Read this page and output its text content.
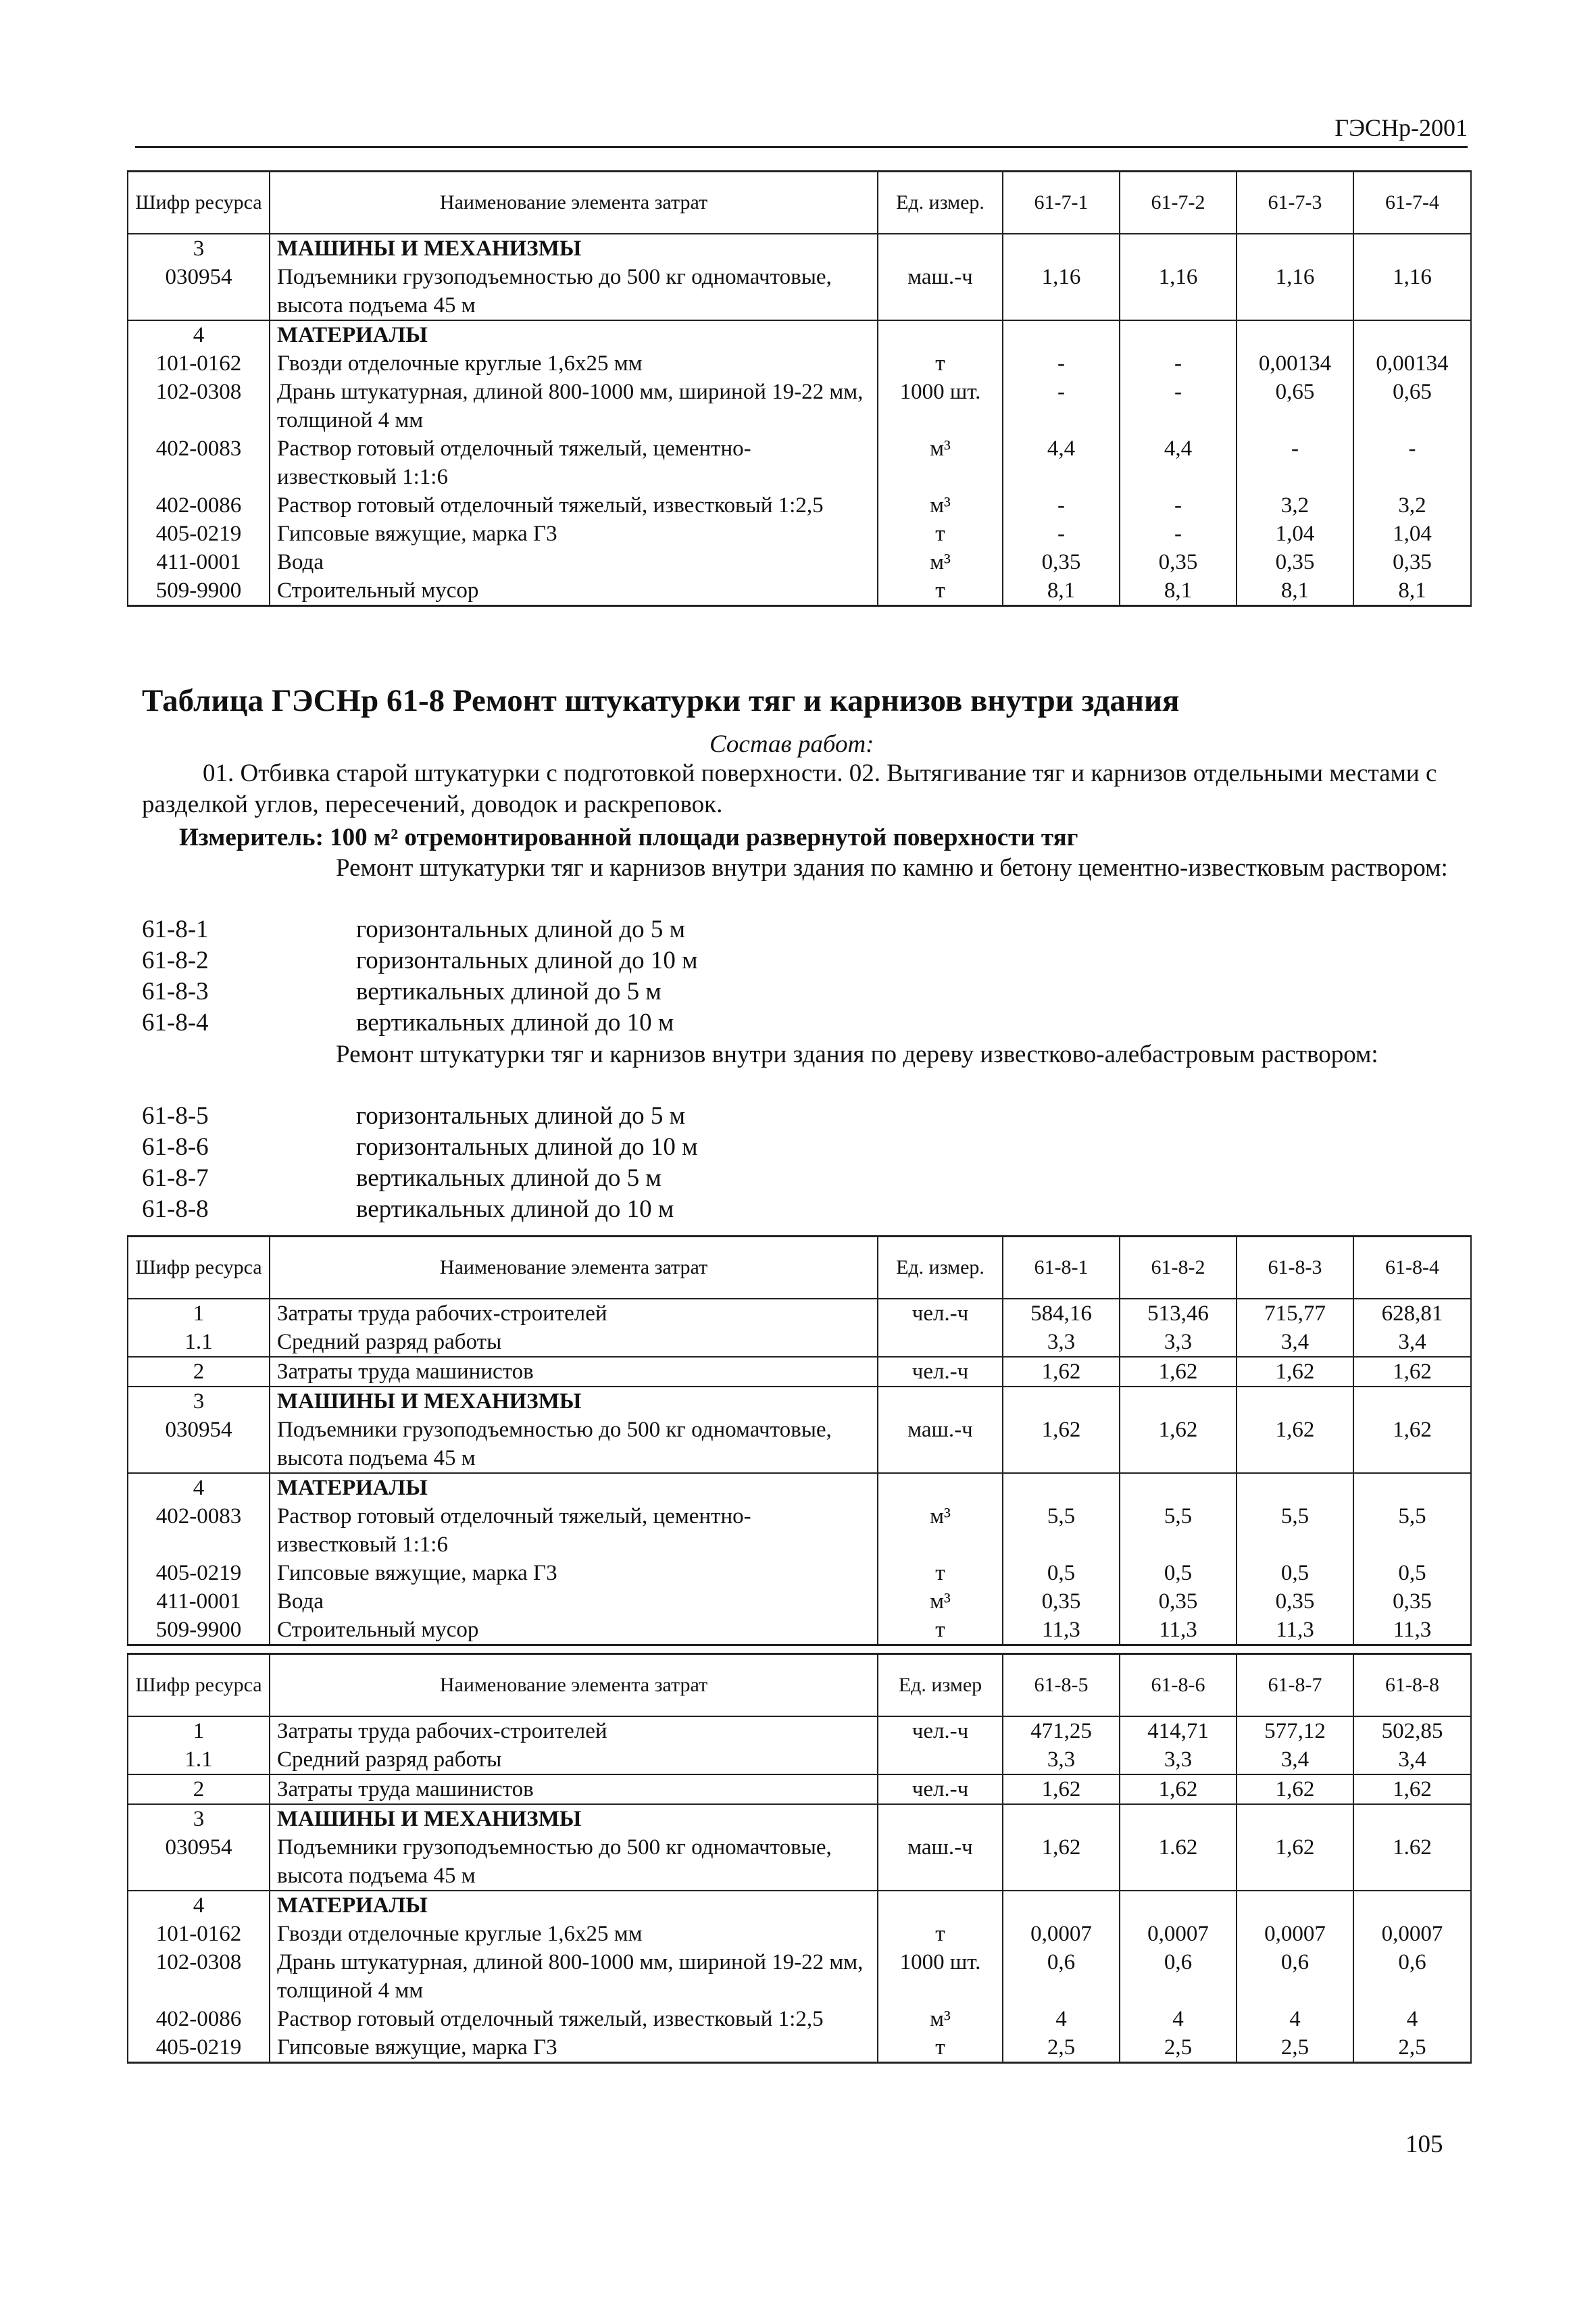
ГЭСНр-2001
Шифр ресурса	Наименование элемента затрат	Ед. измер.	61-7-1	61-7-2	61-7-3	61-7-4
3	МАШИНЫ И МЕХАНИЗМЫ					
030954	Подъемники грузоподъемностью до 500 кг одномачтовые, высота подъема 45 м	маш.-ч	1,16	1,16	1,16	1,16
4	МАТЕРИАЛЫ					
101-0162	Гвозди отделочные круглые 1,6х25 мм	т	-	-	0,00134	0,00134
102-0308	Дрань штукатурная, длиной 800-1000 мм, шириной 19-22 мм, толщиной 4 мм	1000 шт.	-	-	0,65	0,65
402-0083	Раствор готовый отделочный тяжелый, цементно-известковый 1:1:6	м³	4,4	4,4	-	-
402-0086	Раствор готовый отделочный тяжелый, известковый 1:2,5	м³	-	-	3,2	3,2
405-0219	Гипсовые вяжущие, марка Г3	т	-	-	1,04	1,04
411-0001	Вода	м³	0,35	0,35	0,35	0,35
509-9900	Строительный мусор	т	8,1	8,1	8,1	8,1
Таблица ГЭСНр 61-8 Ремонт штукатурки тяг и карнизов внутри здания
Состав работ:
01. Отбивка старой штукатурки с подготовкой поверхности. 02. Вытягивание тяг и карнизов отдельными местами с разделкой углов, пересечений, доводок и раскреповок.
Измеритель: 100 м² отремонтированной площади развернутой поверхности тяг
Ремонт штукатурки тяг и карнизов внутри здания по камню и бетону цементно-известковым раствором:
61-8-1	горизонтальных длиной до 5 м
61-8-2	горизонтальных длиной до 10 м
61-8-3	вертикальных длиной до 5 м
61-8-4	вертикальных длиной до 10 м
Ремонт штукатурки тяг и карнизов внутри здания по дереву известково-алебастровым раствором:
61-8-5	горизонтальных длиной до 5 м
61-8-6	горизонтальных длиной до 10 м
61-8-7	вертикальных длиной до 5 м
61-8-8	вертикальных длиной до 10 м
Шифр ресурса	Наименование элемента затрат	Ед. измер.	61-8-1	61-8-2	61-8-3	61-8-4
1	Затраты труда рабочих-строителей	чел.-ч	584,16	513,46	715,77	628,81
1.1	Средний разряд работы		3,3	3,3	3,4	3,4
2	Затраты труда машинистов	чел.-ч	1,62	1,62	1,62	1,62
3	МАШИНЫ И МЕХАНИЗМЫ					
030954	Подъемники грузоподъемностью до 500 кг одномачтовые, высота подъема 45 м	маш.-ч	1,62	1,62	1,62	1,62
4	МАТЕРИАЛЫ					
402-0083	Раствор готовый отделочный тяжелый, цементно-известковый 1:1:6	м³	5,5	5,5	5,5	5,5
405-0219	Гипсовые вяжущие, марка Г3	т	0,5	0,5	0,5	0,5
411-0001	Вода	м³	0,35	0,35	0,35	0,35
509-9900	Строительный мусор	т	11,3	11,3	11,3	11,3
Шифр ресурса	Наименование элемента затрат	Ед. измер	61-8-5	61-8-6	61-8-7	61-8-8
1	Затраты труда рабочих-строителей	чел.-ч	471,25	414,71	577,12	502,85
1.1	Средний разряд работы		3,3	3,3	3,4	3,4
2	Затраты труда машинистов	чел.-ч	1,62	1,62	1,62	1,62
3	МАШИНЫ И МЕХАНИЗМЫ					
030954	Подъемники грузоподъемностью до 500 кг одномачтовые, высота подъема 45 м	маш.-ч	1,62	1.62	1,62	1.62
4	МАТЕРИАЛЫ					
101-0162	Гвозди отделочные круглые 1,6х25 мм	т	0,0007	0,0007	0,0007	0,0007
102-0308	Дрань штукатурная, длиной 800-1000 мм, шириной 19-22 мм, толщиной 4 мм	1000 шт.	0,6	0,6	0,6	0,6
402-0086	Раствор готовый отделочный тяжелый, известковый 1:2,5	м³	4	4	4	4
405-0219	Гипсовые вяжущие, марка Г3	т	2,5	2,5	2,5	2,5
105
